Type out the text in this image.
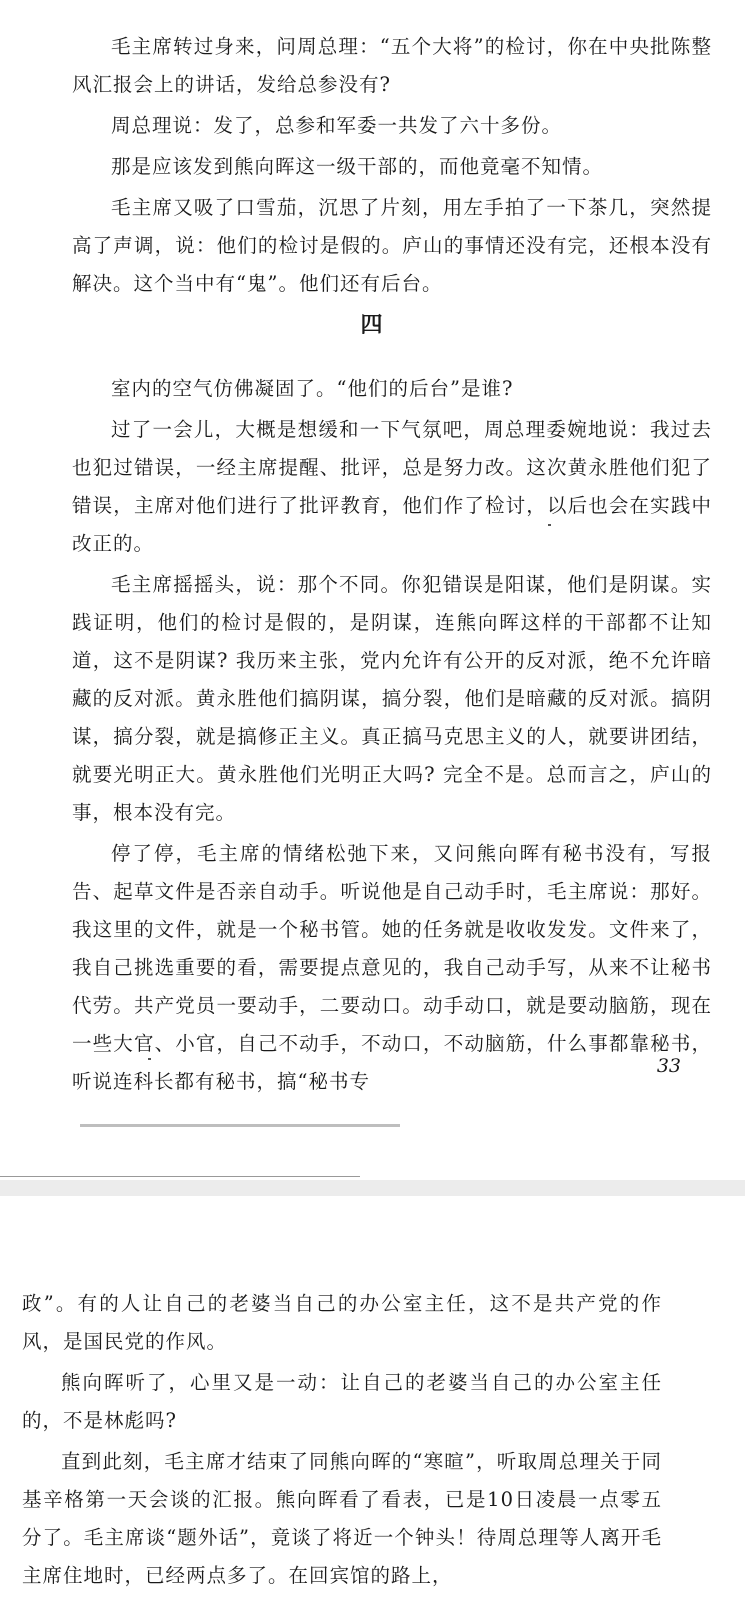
毛主席转过身来，问周总理：“五个大将”的检讨，你在中央批陈整风汇报会上的讲话，发给总参没有?

周总理说：发了，总参和军委一共发了六十多份。

那是应该发到熊向晖这一级干部的，而他竟毫不知情。

毛主席又吸了口雪茄，沉思了片刻，用左手拍了一下茶几，突然提高了声调，说：他们的检讨是假的。庐山的事情还没有完，还根本没有解决。这个当中有“鬼”。他们还有后台。

四

室内的空气仿佛凝固了。“他们的后台”是谁?

过了一会儿，大概是想缓和一下气氛吧，周总理委婉地说：我过去也犯过错误，一经主席提醒、批评，总是努力改。这次黄永胜他们犯了错误，主席对他们进行了批评教育，他们作了检讨，以后也会在实践中改正的。

毛主席摇摇头，说：那个不同。你犯错误是阳谋，他们是阴谋。实践证明，他们的检讨是假的，是阴谋，连熊向晖这样的干部都不让知道，这不是阴谋? 我历来主张，党内允许有公开的反对派，绝不允许暗藏的反对派。黄永胜他们搞阴谋，搞分裂，他们是暗藏的反对派。搞阴谋，搞分裂，就是搞修正主义。真正搞马克思主义的人，就要讲团结，就要光明正大。黄永胜他们光明正大吗? 完全不是。总而言之，庐山的事，根本没有完。

停了停，毛主席的情绪松弛下来，又问熊向晖有秘书没有，写报告、起草文件是否亲自动手。听说他是自己动手时，毛主席说：那好。我这里的文件，就是一个秘书管。她的任务就是收收发发。文件来了，我自己挑选重要的看，需要提点意见的，我自己动手写，从来不让秘书代劳。共产党员一要动手，二要动口。动手动口，就是要动脑筋，现在一些大官、小官，自己不动手，不动口，不动脑筋，什么事都靠秘书，听说连科长都有秘书，搞“秘书专

33

政”。有的人让自己的老婆当自己的办公室主任，这不是共产党的作风，是国民党的作风。

熊向晖听了，心里又是一动：让自己的老婆当自己的办公室主任的，不是林彪吗?

直到此刻，毛主席才结束了同熊向晖的“寒暄”，听取周总理关于同基辛格第一天会谈的汇报。熊向晖看了看表，已是10日凌晨一点零五分了。毛主席谈“题外话”，竟谈了将近一个钟头！待周总理等人离开毛主席住地时，已经两点多了。在回宾馆的路上，
